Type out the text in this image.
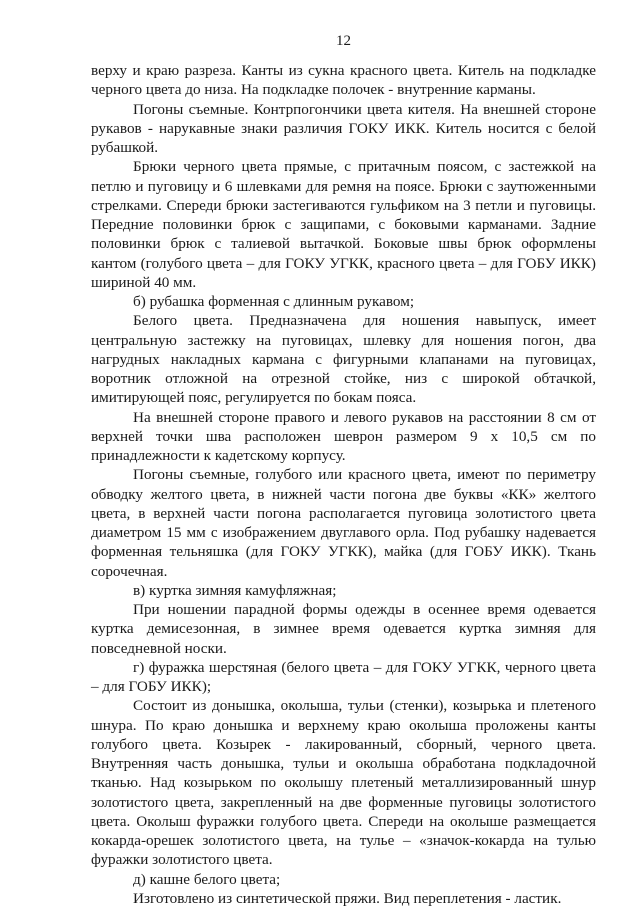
12

верху и краю разреза. Канты из сукна красного цвета. Китель на подкладке черного цвета до низа. На подкладке полочек - внутренние карманы.

Погоны съемные. Контрпогончики цвета кителя. На внешней стороне рукавов - нарукавные знаки различия ГОКУ ИКК. Китель носится с белой рубашкой.

Брюки черного цвета прямые, с притачным поясом, с застежкой на петлю и пуговицу и 6 шлевками для ремня на поясе. Брюки с заутюженными стрелками. Спереди брюки застегиваются гульфиком на 3 петли и пуговицы. Передние половинки брюк с защипами, с боковыми карманами. Задние половинки брюк с талиевой вытачкой. Боковые швы брюк оформлены кантом (голубого цвета – для ГОКУ УГКК, красного цвета – для ГОБУ ИКК) шириной 40 мм.

б) рубашка форменная с длинным рукавом;

Белого цвета. Предназначена для ношения навыпуск, имеет центральную застежку на пуговицах, шлевку для ношения погон, два нагрудных накладных кармана с фигурными клапанами на пуговицах, воротник отложной на отрезной стойке, низ с широкой обтачкой, имитирующей пояс, регулируется по бокам пояса.

На внешней стороне правого и левого рукавов на расстоянии 8 см от верхней точки шва расположен шеврон размером 9 х 10,5 см по принадлежности к кадетскому корпусу.

Погоны съемные, голубого или красного цвета, имеют по периметру обводку желтого цвета, в нижней части погона две буквы «КК» желтого цвета, в верхней части погона располагается пуговица золотистого цвета диаметром 15 мм с изображением двуглавого орла. Под рубашку надевается форменная тельняшка (для ГОКУ УГКК), майка (для ГОБУ ИКК). Ткань сорочечная.

в) куртка зимняя камуфляжная;

При ношении парадной формы одежды в осеннее время одевается куртка демисезонная, в зимнее время одевается куртка зимняя для повседневной носки.

г) фуражка шерстяная (белого цвета – для ГОКУ УГКК, черного цвета – для ГОБУ ИКК);

Состоит из донышка, околыша, тульи (стенки), козырька и плетеного шнура. По краю донышка и верхнему краю околыша проложены канты голубого цвета. Козырек - лакированный, сборный, черного цвета. Внутренняя часть донышка, тульи и околыша обработана подкладочной тканью. Над козырьком по околышу плетеный металлизированный шнур золотистого цвета, закрепленный на две форменные пуговицы золотистого цвета. Околыш фуражки голубого цвета. Спереди на околыше размещается кокарда-орешек золотистого цвета, на тулье – «значок-кокарда на тулью фуражки золотистого цвета.

д) кашне белого цвета;

Изготовлено из синтетической пряжи. Вид переплетения - ластик.
